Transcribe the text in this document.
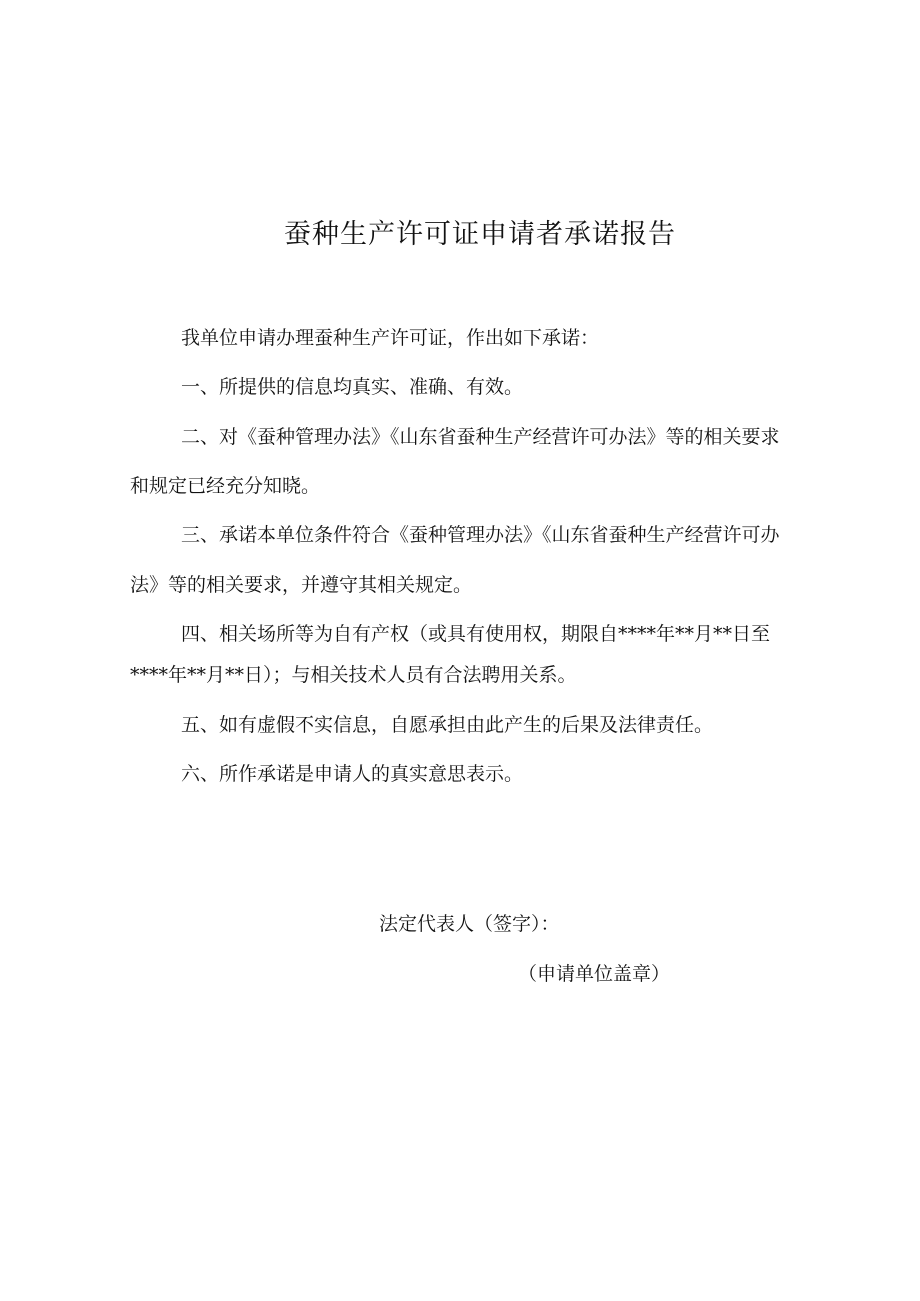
蚕种生产许可证申请者承诺报告
我单位申请办理蚕种生产许可证，作出如下承诺：
一、所提供的信息均真实、准确、有效。
二、对《蚕种管理办法》《山东省蚕种生产经营许可办法》等的相关要求
和规定已经充分知晓。
三、承诺本单位条件符合《蚕种管理办法》《山东省蚕种生产经营许可办
法》等的相关要求，并遵守其相关规定。
四、相关场所等为自有产权（或具有使用权，期限自****年**月**日至
****年**月**日）；与相关技术人员有合法聘用关系。
五、如有虚假不实信息，自愿承担由此产生的后果及法律责任。
六、所作承诺是申请人的真实意思表示。
法定代表人（签字）：
（申请单位盖章）
